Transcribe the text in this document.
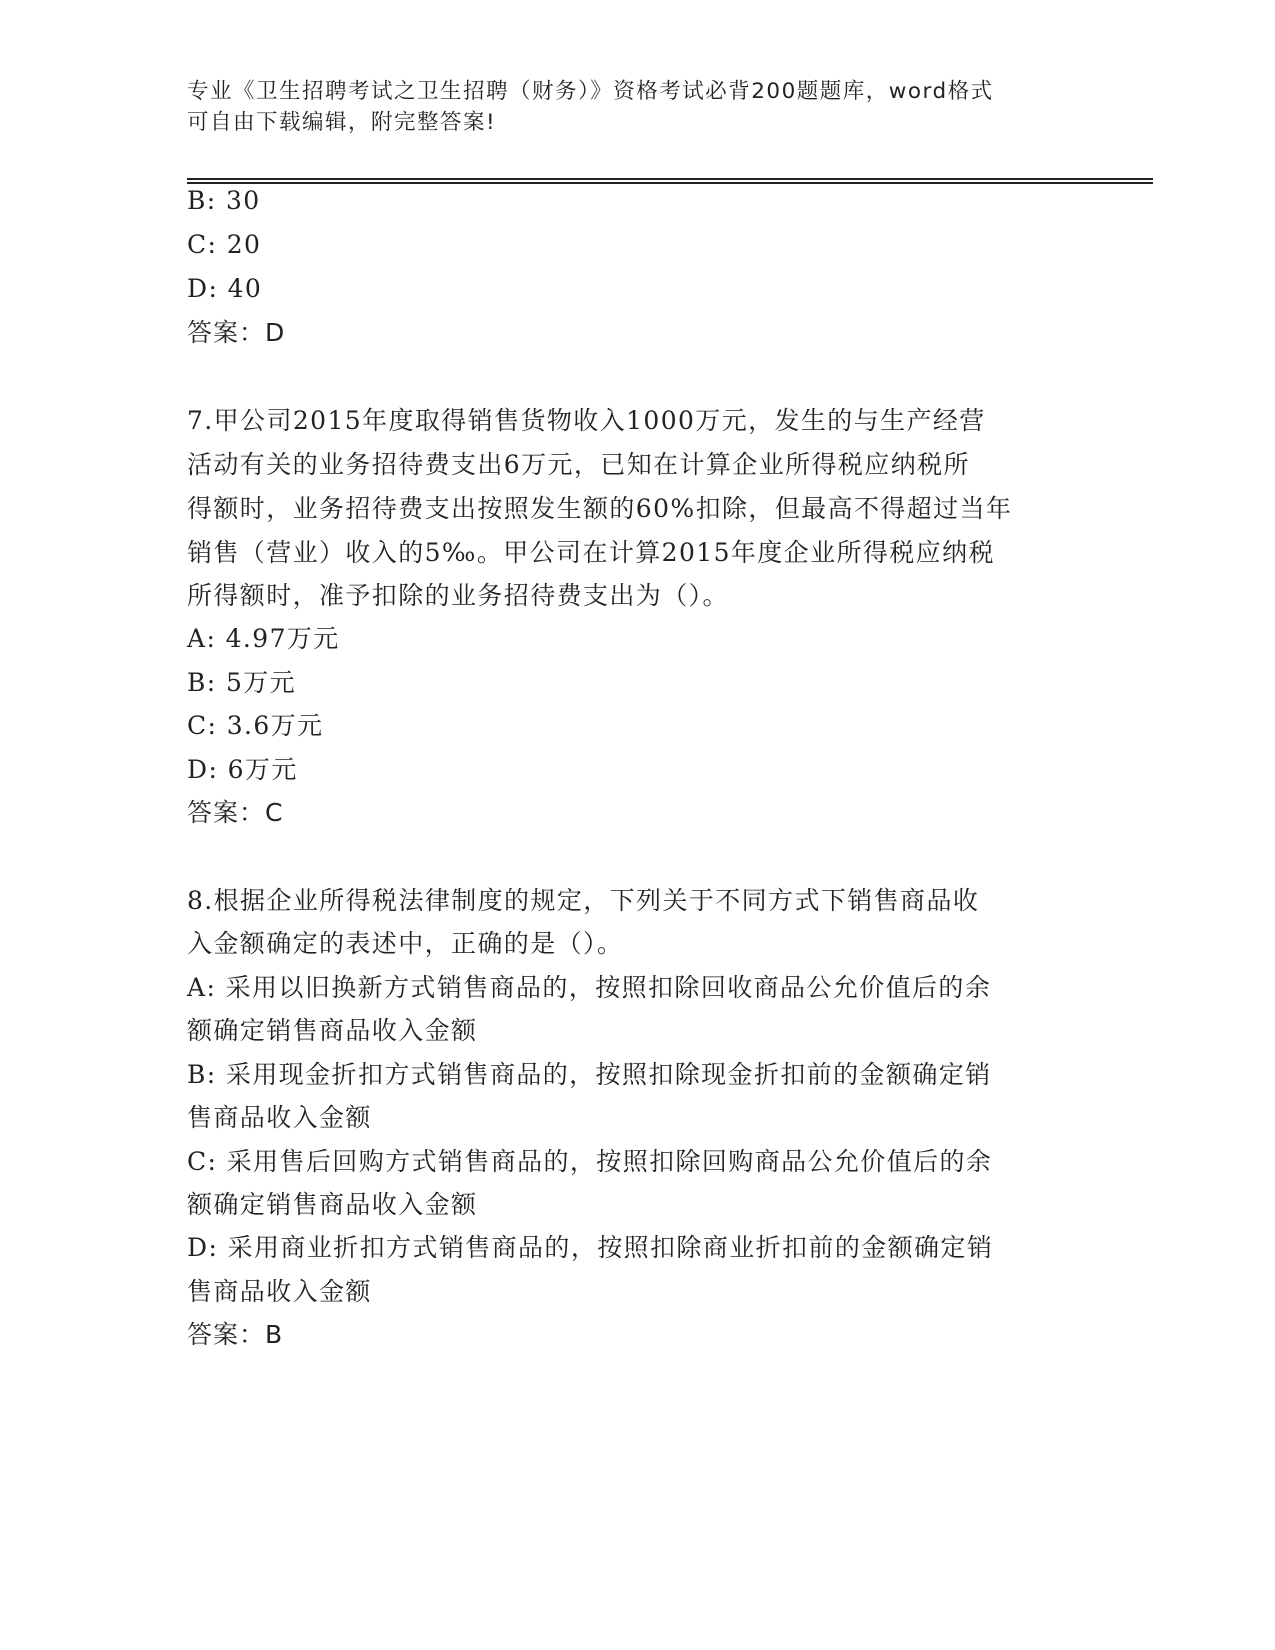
专业《卫生招聘考试之卫生招聘（财务）》资格考试必背200题题库，word格式
可自由下载编辑，附完整答案!
B: 30
C: 20
D: 40
答案：D
7.甲公司2015年度取得销售货物收入1000万元，发生的与生产经营
活动有关的业务招待费支出6万元，已知在计算企业所得税应纳税所
得额时，业务招待费支出按照发生额的60%扣除，但最高不得超过当年
销售（营业）收入的5‰。甲公司在计算2015年度企业所得税应纳税
所得额时，准予扣除的业务招待费支出为（）。
A: 4.97万元
B: 5万元
C: 3.6万元
D: 6万元
答案：C
8.根据企业所得税法律制度的规定，下列关于不同方式下销售商品收
入金额确定的表述中，正确的是（）。
A: 采用以旧换新方式销售商品的，按照扣除回收商品公允价值后的余
额确定销售商品收入金额
B: 采用现金折扣方式销售商品的，按照扣除现金折扣前的金额确定销
售商品收入金额
C: 采用售后回购方式销售商品的，按照扣除回购商品公允价值后的余
额确定销售商品收入金额
D: 采用商业折扣方式销售商品的，按照扣除商业折扣前的金额确定销
售商品收入金额
答案：B
